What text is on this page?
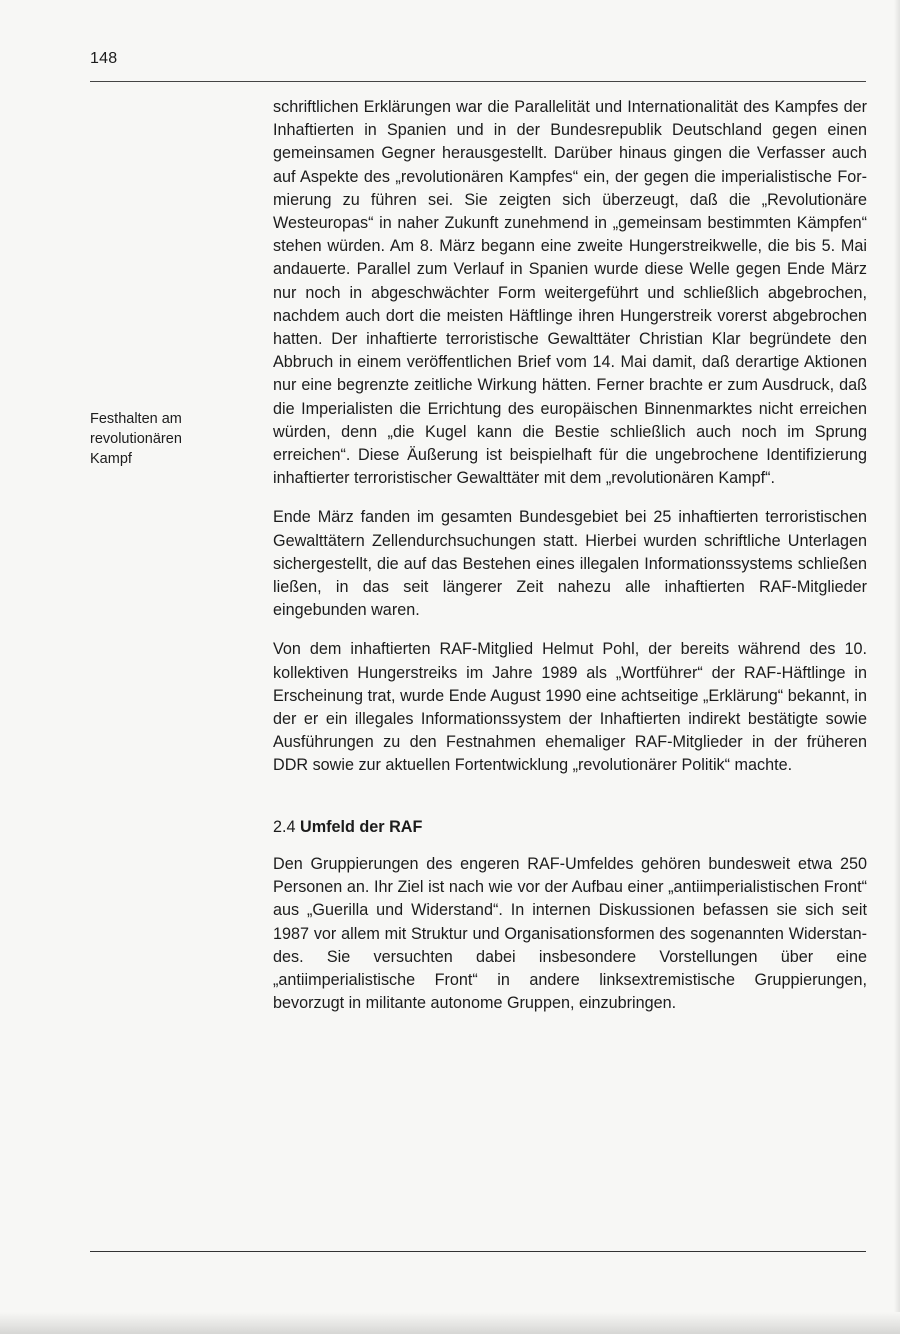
148
Festhalten am
revolutionären
Kampf

schriftlichen Erklärungen war die Parallelität und Internationalität des Kampfes der Inhaftierten in Spanien und in der Bundesrepublik Deutschland gegen einen gemeinsamen Gegner herausgestellt. Darüber hinaus gingen die Verfasser auch auf Aspekte des „revolutionären Kampfes“ ein, der gegen die imperialistische Formierung zu führen sei. Sie zeigten sich überzeugt, daß die „Revolutionäre Westeuropas“ in naher Zukunft zunehmend in „gemeinsam bestimmten Kämpfen“ stehen würden. Am 8. März begann eine zweite Hungerstreikwelle, die bis 5. Mai andauerte. Parallel zum Verlauf in Spanien wurde diese Welle gegen Ende März nur noch in abgeschwächter Form weitergeführt und schließlich abgebrochen, nachdem auch dort die meisten Häftlinge ihren Hungerstreik vorerst abgebrochen hatten. Der inhaftierte terroristische Gewalttäter Christian Klar begründete den Abbruch in einem veröffentlichen Brief vom 14. Mai damit, daß derartige Aktionen nur eine begrenzte zeitliche Wirkung hätten. Ferner brachte er zum Ausdruck, daß die Imperialisten die Errichtung des europäischen Binnenmarktes nicht erreichen würden, denn „die Kugel kann die Bestie schließlich auch noch im Sprung erreichen“. Diese Äußerung ist beispielhaft für die ungebrochene Identifizierung inhaftierter terroristischer Gewalttäter mit dem „revolutionären Kampf“.

Ende März fanden im gesamten Bundesgebiet bei 25 inhaftierten terroristischen Gewalttätern Zellendurchsuchungen statt. Hierbei wurden schriftliche Unterlagen sichergestellt, die auf das Bestehen eines illegalen Informationssystems schließen ließen, in das seit längerer Zeit nahezu alle inhaftierten RAF-Mitglieder eingebunden waren.

Von dem inhaftierten RAF-Mitglied Helmut Pohl, der bereits während des 10. kollektiven Hungerstreiks im Jahre 1989 als „Wortführer“ der RAF-Häftlinge in Erscheinung trat, wurde Ende August 1990 eine achtseitige „Erklärung“ bekannt, in der er ein illegales Informationssystem der Inhaftierten indirekt bestätigte sowie Ausführungen zu den Festnahmen ehemaliger RAF-Mitglieder in der früheren DDR sowie zur aktuellen Fortentwicklung „revolutionärer Politik“ machte.

2.4 Umfeld der RAF

Den Gruppierungen des engeren RAF-Umfeldes gehören bundesweit etwa 250 Personen an. Ihr Ziel ist nach wie vor der Aufbau einer „antiimperialistischen Front“ aus „Guerilla und Widerstand“. In internen Diskussionen befassen sie sich seit 1987 vor allem mit Struktur und Organisationsformen des sogenannten Widerstandes. Sie versuchten dabei insbesondere Vorstellungen über eine „antiimperialistische Front“ in andere linksextremistische Gruppierungen, bevorzugt in militante autonome Gruppen, einzubringen.
